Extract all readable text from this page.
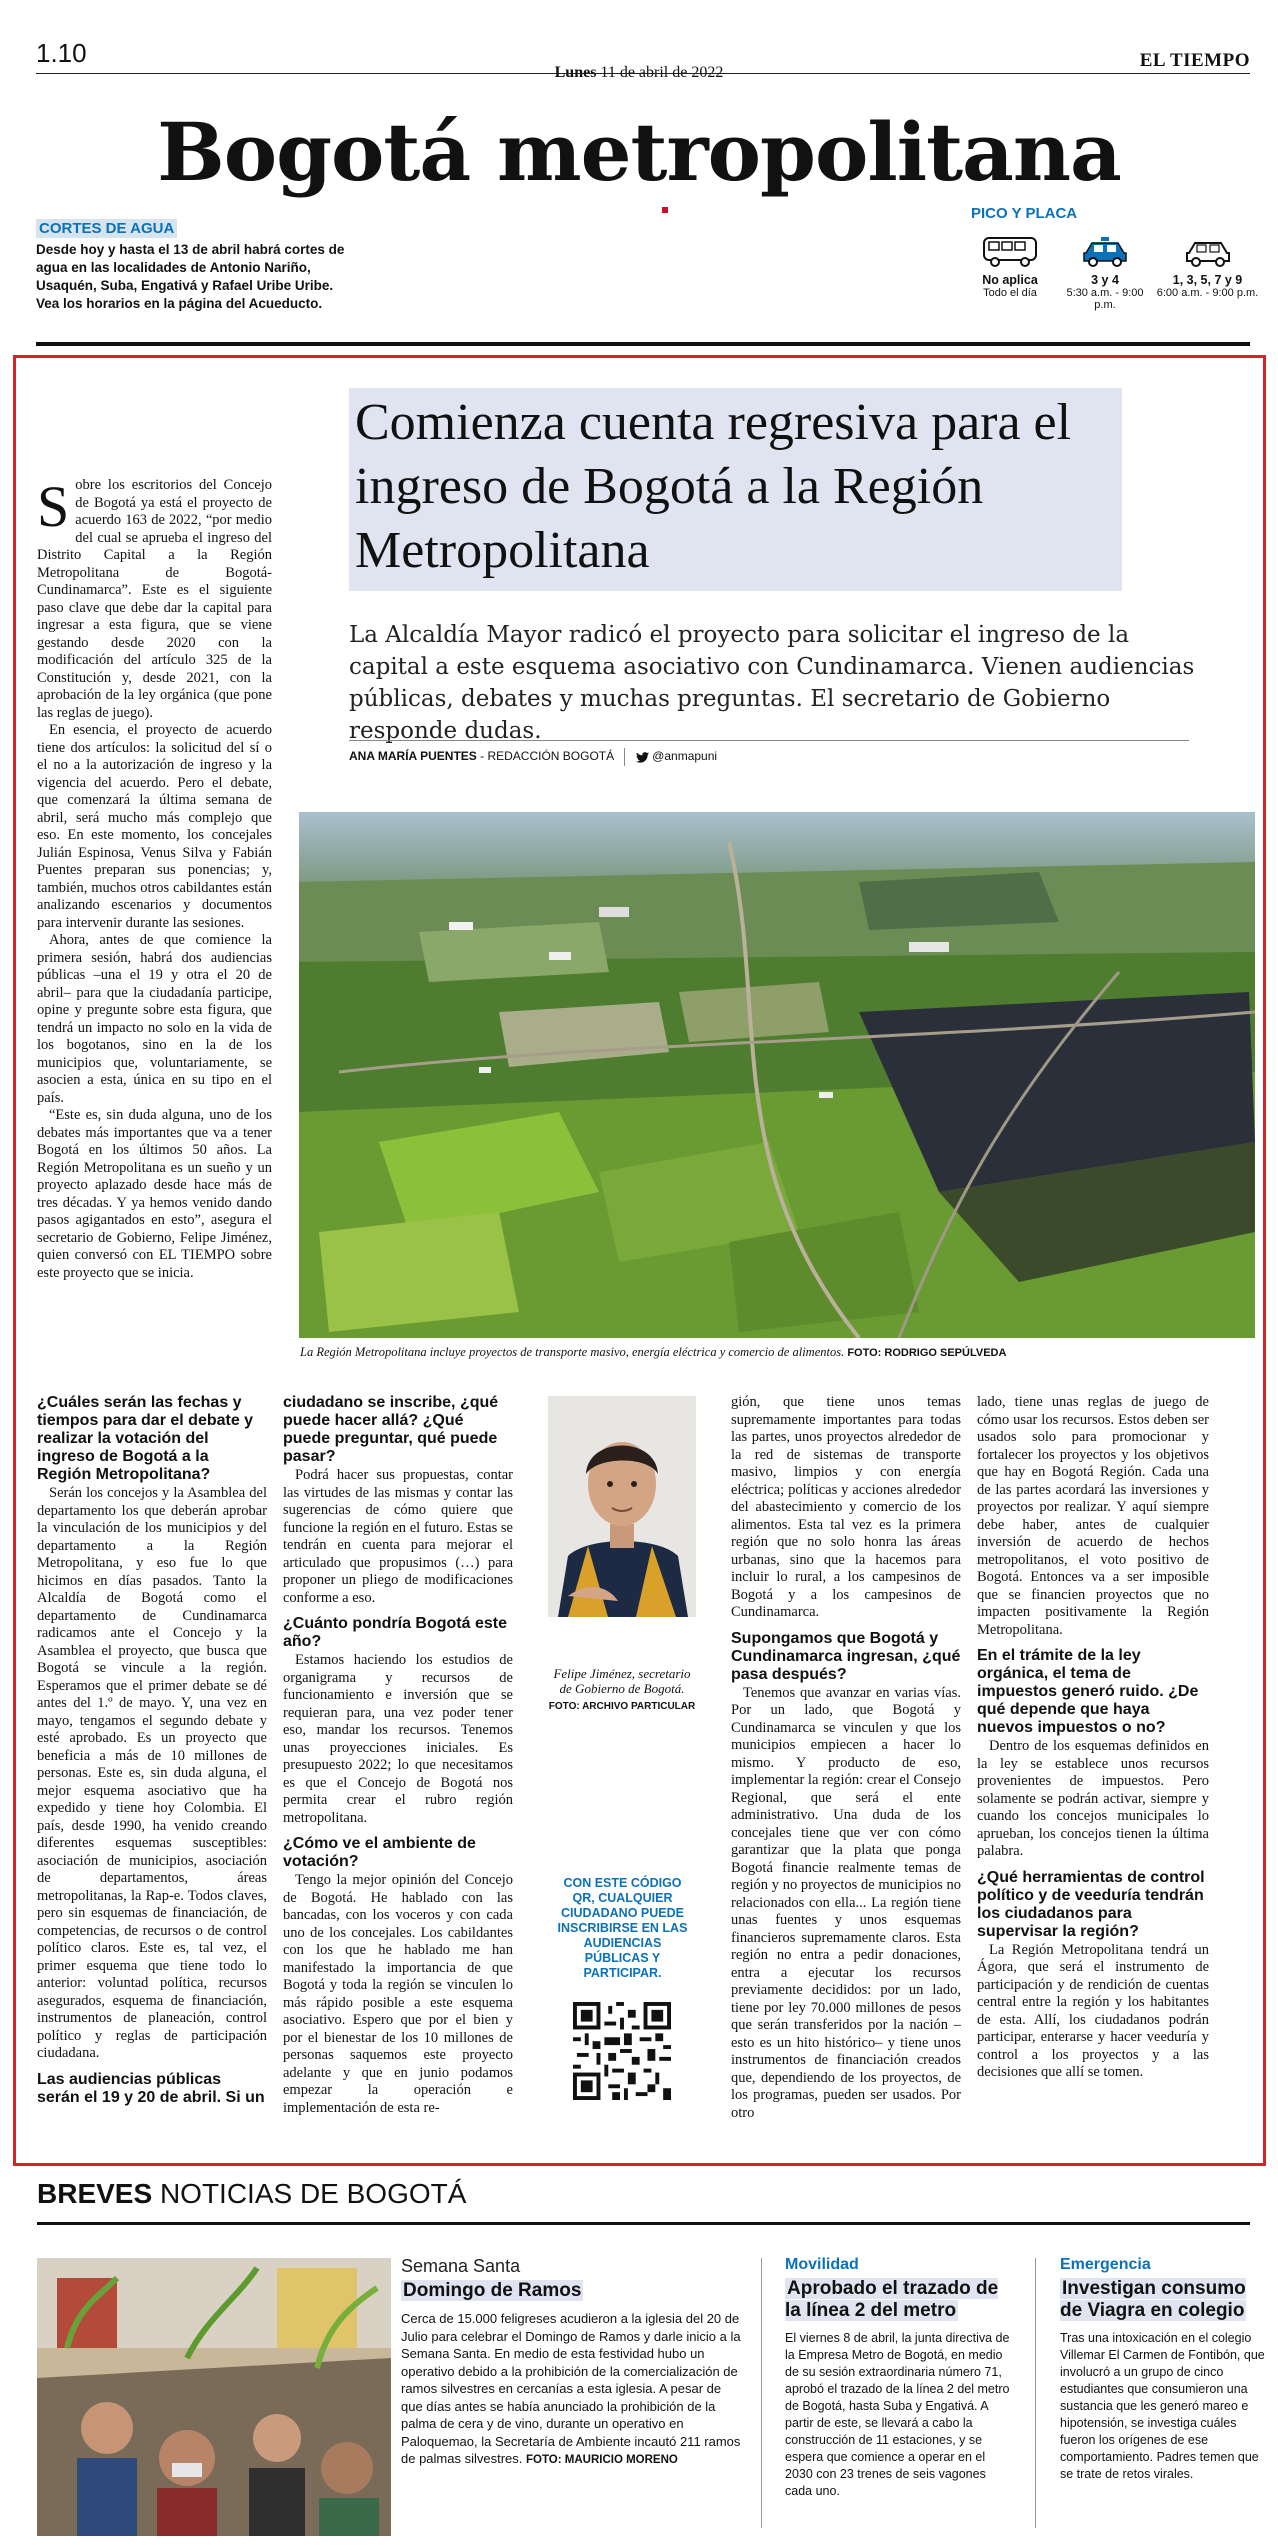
1.10
Lunes 11 de abril de 2022
EL TIEMPO
Bogotá metropolitana
CORTES DE AGUA
Desde hoy y hasta el 13 de abril habrá cortes de agua en las localidades de Antonio Nariño, Usaquén, Suba, Engativá y Rafael Uribe Uribe. Vea los horarios en la página del Acueducto.
PICO Y PLACA
No aplica
Todo el día
3 y 4
5:30 a.m. - 9:00 p.m.
1, 3, 5, 7 y 9
6:00 a.m. - 9:00 p.m.
Comienza cuenta regresiva para el ingreso de Bogotá a la Región Metropolitana
La Alcaldía Mayor radicó el proyecto para solicitar el ingreso de la capital a este esquema asociativo con Cundinamarca. Vienen audiencias públicas, debates y muchas preguntas. El secretario de Gobierno responde dudas.
ANA MARÍA PUENTES - REDACCIÓN BOGOTÁ	@anmapuni

Sobre los escritorios del Concejo de Bogotá ya está el proyecto de acuerdo 163 de 2022, “por medio del cual se aprueba el ingreso del Distrito Capital a la Región Metropolitana de Bogotá-Cundinamarca”. Este es el siguiente paso clave que debe dar la capital para ingresar a esta figura, que se viene gestando desde 2020 con la modificación del artículo 325 de la Constitución y, desde 2021, con la aprobación de la ley orgánica (que pone las reglas de juego).

En esencia, el proyecto de acuerdo tiene dos artículos: la solicitud del sí o el no a la autorización de ingreso y la vigencia del acuerdo. Pero el debate, que comenzará la última semana de abril, será mucho más complejo que eso. En este momento, los concejales Julián Espinosa, Venus Silva y Fabián Puentes preparan sus ponencias; y, también, muchos otros cabildantes están analizando escenarios y documentos para intervenir durante las sesiones.

Ahora, antes de que comience la primera sesión, habrá dos audiencias públicas –una el 19 y otra el 20 de abril– para que la ciudadanía participe, opine y pregunte sobre esta figura, que tendrá un impacto no solo en la vida de los bogotanos, sino en la de los municipios que, voluntariamente, se asocien a esta, única en su tipo en el país.

“Este es, sin duda alguna, uno de los debates más importantes que va a tener Bogotá en los últimos 50 años. La Región Metropolitana es un sueño y un proyecto aplazado desde hace más de tres décadas. Y ya hemos venido dando pasos agigantados en esto”, asegura el secretario de Gobierno, Felipe Jiménez, quien conversó con EL TIEMPO sobre este proyecto que se inicia.

La Región Metropolitana incluye proyectos de transporte masivo, energía eléctrica y comercio de alimentos. FOTO: RODRIGO SEPÚLVEDA

¿Cuáles serán las fechas y tiempos para dar el debate y realizar la votación del ingreso de Bogotá a la Región Metropolitana?

Serán los concejos y la Asamblea del departamento los que deberán aprobar la vinculación de los municipios y del departamento a la Región Metropolitana, y eso fue lo que hicimos en días pasados. Tanto la Alcaldía de Bogotá como el departamento de Cundinamarca radicamos ante el Concejo y la Asamblea el proyecto, que busca que Bogotá se vincule a la región. Esperamos que el primer debate se dé antes del 1.º de mayo. Y, una vez en mayo, tengamos el segundo debate y esté aprobado. Es un proyecto que beneficia a más de 10 millones de personas. Este es, sin duda alguna, el mejor esquema asociativo que ha expedido y tiene hoy Colombia. El país, desde 1990, ha venido creando diferentes esquemas susceptibles: asociación de municipios, asociación de departamentos, áreas metropolitanas, la Rap-e. Todos claves, pero sin esquemas de financiación, de competencias, de recursos o de control político claros. Este es, tal vez, el primer esquema que tiene todo lo anterior: voluntad política, recursos asegurados, esquema de financiación, instrumentos de planeación, control político y reglas de participación ciudadana.

Las audiencias públicas serán el 19 y 20 de abril. Si un

ciudadano se inscribe, ¿qué puede hacer allá? ¿Qué puede preguntar, qué puede pasar?

Podrá hacer sus propuestas, contar las virtudes de las mismas y contar las sugerencias de cómo quiere que funcione la región en el futuro. Estas se tendrán en cuenta para mejorar el articulado que propusimos (…) para proponer un pliego de modificaciones conforme a eso.

¿Cuánto pondría Bogotá este año?

Estamos haciendo los estudios de organigrama y recursos de funcionamiento e inversión que se requieran para, una vez poder tener eso, mandar los recursos. Tenemos unas proyecciones iniciales. Es presupuesto 2022; lo que necesitamos es que el Concejo de Bogotá nos permita crear el rubro región metropolitana.

¿Cómo ve el ambiente de votación?

Tengo la mejor opinión del Concejo de Bogotá. He hablado con las bancadas, con los voceros y con cada uno de los concejales. Los cabildantes con los que he hablado me han manifestado la importancia de que Bogotá y toda la región se vinculen lo más rápido posible a este esquema asociativo. Espero que por el bien y por el bienestar de los 10 millones de personas saquemos este proyecto adelante y que en junio podamos empezar la operación e implementación de esta re-

Felipe Jiménez, secretario de Gobierno de Bogotá.
FOTO: ARCHIVO PARTICULAR
CON ESTE CÓDIGO QR, CUALQUIER CIUDADANO PUEDE INSCRIBIRSE EN LAS AUDIENCIAS PÚBLICAS Y PARTICIPAR.

gión, que tiene unos temas supremamente importantes para todas las partes, unos proyectos alrededor de la red de sistemas de transporte masivo, limpios y con energía eléctrica; políticas y acciones alrededor del abastecimiento y comercio de los alimentos. Esta tal vez es la primera región que no solo honra las áreas urbanas, sino que la hacemos para incluir lo rural, a los campesinos de Bogotá y a los campesinos de Cundinamarca.

Supongamos que Bogotá y Cundinamarca ingresan, ¿qué pasa después?

Tenemos que avanzar en varias vías. Por un lado, que Bogotá y Cundinamarca se vinculen y que los municipios empiecen a hacer lo mismo. Y producto de eso, implementar la región: crear el Consejo Regional, que será el ente administrativo. Una duda de los concejales tiene que ver con cómo garantizar que la plata que ponga Bogotá financie realmente temas de región y no proyectos de municipios no relacionados con ella... La región tiene unas fuentes y unos esquemas financieros supremamente claros. Esta región no entra a pedir donaciones, entra a ejecutar los recursos previamente decididos: por un lado, tiene por ley 70.000 millones de pesos que serán transferidos por la nación –esto es un hito histórico– y tiene unos instrumentos de financiación creados que, dependiendo de los proyectos, de los programas, pueden ser usados. Por otro

lado, tiene unas reglas de juego de cómo usar los recursos. Estos deben ser usados solo para promocionar y fortalecer los proyectos y los objetivos que hay en Bogotá Región. Cada una de las partes acordará las inversiones y proyectos por realizar. Y aquí siempre debe haber, antes de cualquier inversión de acuerdo de hechos metropolitanos, el voto positivo de Bogotá. Entonces va a ser imposible que se financien proyectos que no impacten positivamente la Región Metropolitana.

En el trámite de la ley orgánica, el tema de impuestos generó ruido. ¿De qué depende que haya nuevos impuestos o no?

Dentro de los esquemas definidos en la ley se establece unos recursos provenientes de impuestos. Pero solamente se podrán activar, siempre y cuando los concejos municipales lo aprueban, los concejos tienen la última palabra.

¿Qué herramientas de control político y de veeduría tendrán los ciudadanos para supervisar la región?

La Región Metropolitana tendrá un Ágora, que será el instrumento de participación y de rendición de cuentas central entre la región y los habitantes de esta. Allí, los ciudadanos podrán participar, enterarse y hacer veeduría y control a los proyectos y a las decisiones que allí se tomen.

BREVES NOTICIAS DE BOGOTÁ
Semana Santa
Domingo de Ramos
Cerca de 15.000 feligreses acudieron a la iglesia del 20 de Julio para celebrar el Domingo de Ramos y darle inicio a la Semana Santa. En medio de esta festividad hubo un operativo debido a la prohibición de la comercialización de ramos silvestres en cercanías a esta iglesia. A pesar de que días antes se había anunciado la prohibición de la palma de cera y de vino, durante un operativo en Paloquemao, la Secretaría de Ambiente incautó 211 ramos de palmas silvestres. FOTO: MAURICIO MORENO
Movilidad
Aprobado el trazado de la línea 2 del metro
El viernes 8 de abril, la junta directiva de la Empresa Metro de Bogotá, en medio de su sesión extraordinaria número 71, aprobó el trazado de la línea 2 del metro de Bogotá, hasta Suba y Engativá. A partir de este, se llevará a cabo la construcción de 11 estaciones, y se espera que comience a operar en el 2030 con 23 trenes de seis vagones cada uno.
Emergencia
Investigan consumo de Viagra en colegio
Tras una intoxicación en el colegio Villemar El Carmen de Fontibón, que involucró a un grupo de cinco estudiantes que consumieron una sustancia que les generó mareo e hipotensión, se investiga cuáles fueron los orígenes de ese comportamiento. Padres temen que se trate de retos virales.
